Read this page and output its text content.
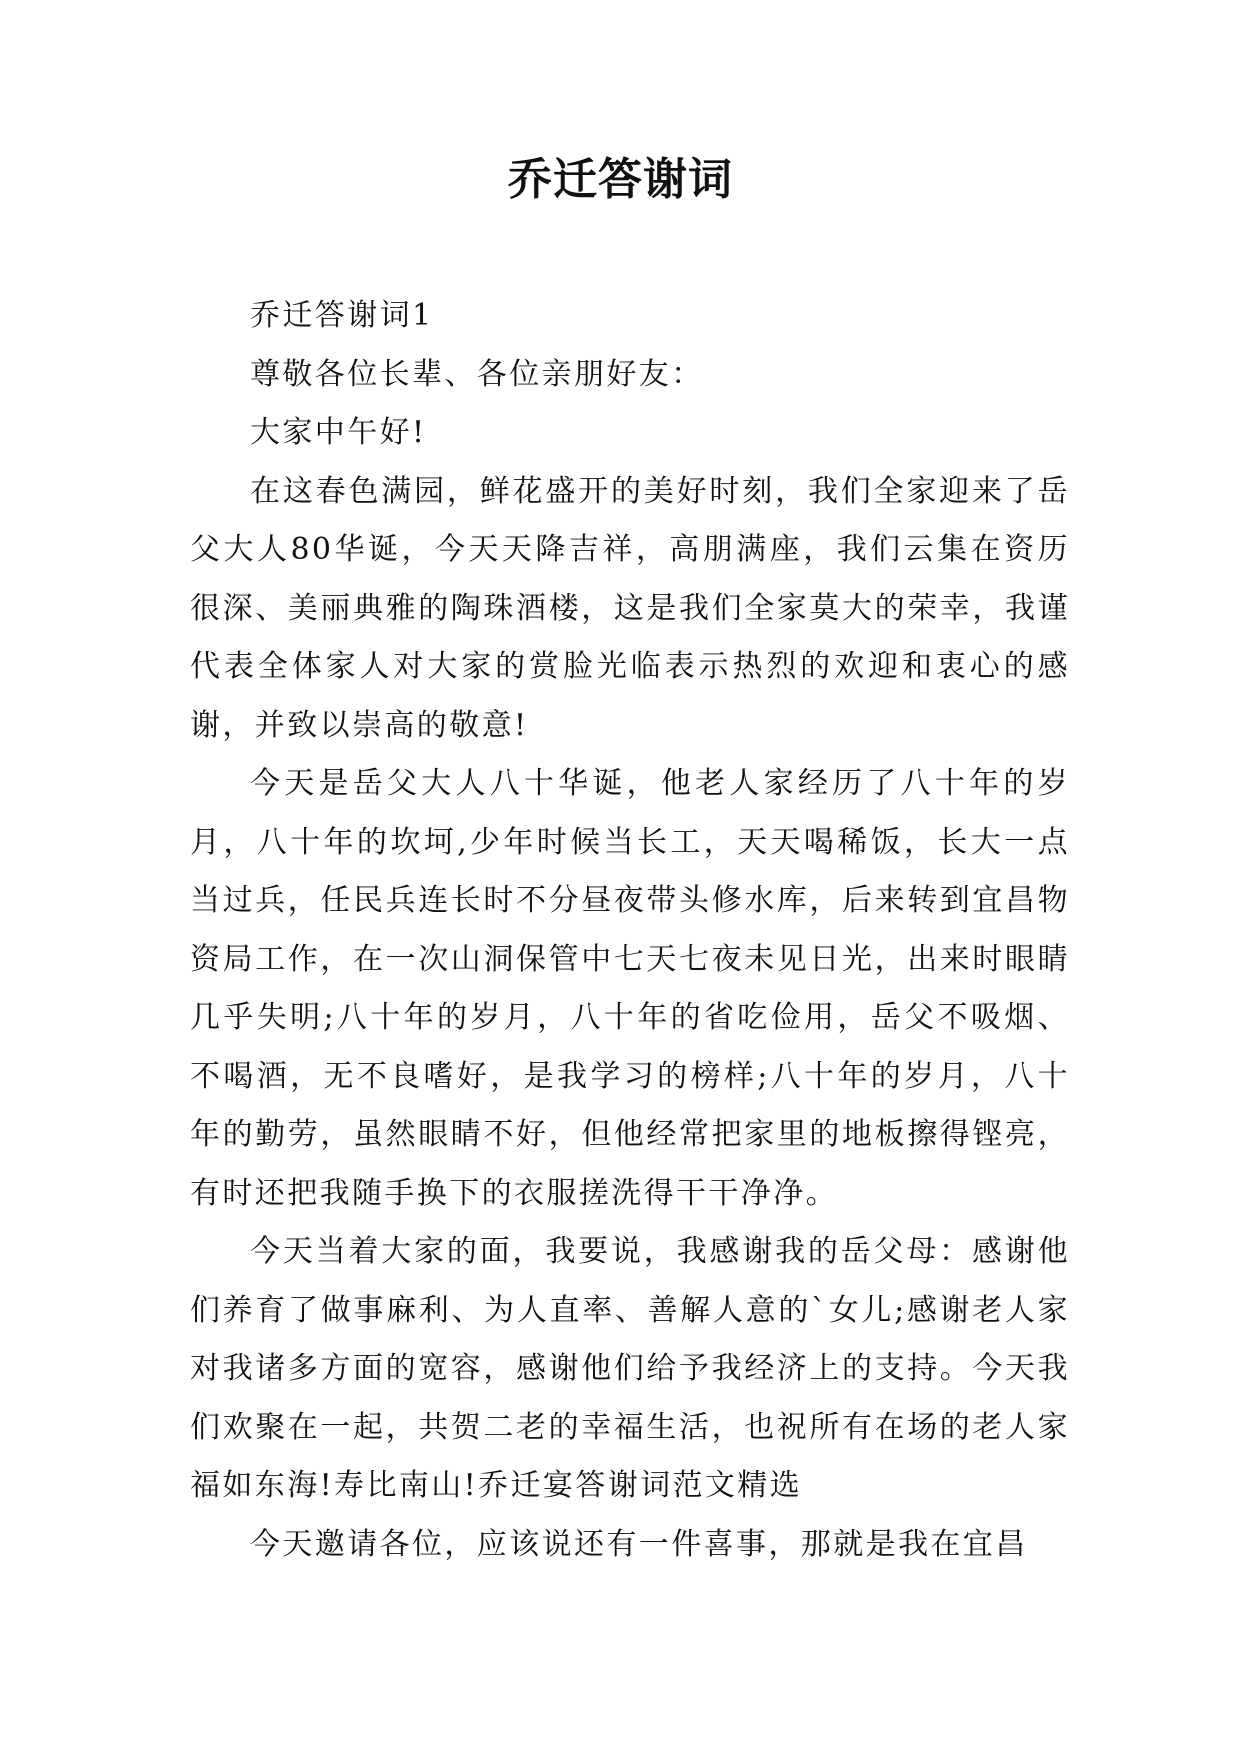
乔迁答谢词

乔迁答谢词1

尊敬各位长辈、各位亲朋好友：

大家中午好!

在这春色满园，鲜花盛开的美好时刻，我们全家迎来了岳父大人80华诞，今天天降吉祥，高朋满座，我们云集在资历很深、美丽典雅的陶珠酒楼，这是我们全家莫大的荣幸，我谨代表全体家人对大家的赏脸光临表示热烈的欢迎和衷心的感谢，并致以崇高的敬意!

今天是岳父大人八十华诞，他老人家经历了八十年的岁月，八十年的坎坷,少年时候当长工，天天喝稀饭，长大一点当过兵，任民兵连长时不分昼夜带头修水库，后来转到宜昌物资局工作，在一次山洞保管中七天七夜未见日光，出来时眼睛几乎失明;八十年的岁月，八十年的省吃俭用，岳父不吸烟、不喝酒，无不良嗜好，是我学习的榜样;八十年的岁月，八十年的勤劳，虽然眼睛不好，但他经常把家里的地板擦得铿亮，有时还把我随手换下的衣服搓洗得干干净净。

今天当着大家的面，我要说，我感谢我的岳父母：感谢他们养育了做事麻利、为人直率、善解人意的`女儿;感谢老人家对我诸多方面的宽容，感谢他们给予我经济上的支持。今天我们欢聚在一起，共贺二老的幸福生活，也祝所有在场的老人家福如东海!寿比南山!乔迁宴答谢词范文精选

今天邀请各位，应该说还有一件喜事，那就是我在宜昌
